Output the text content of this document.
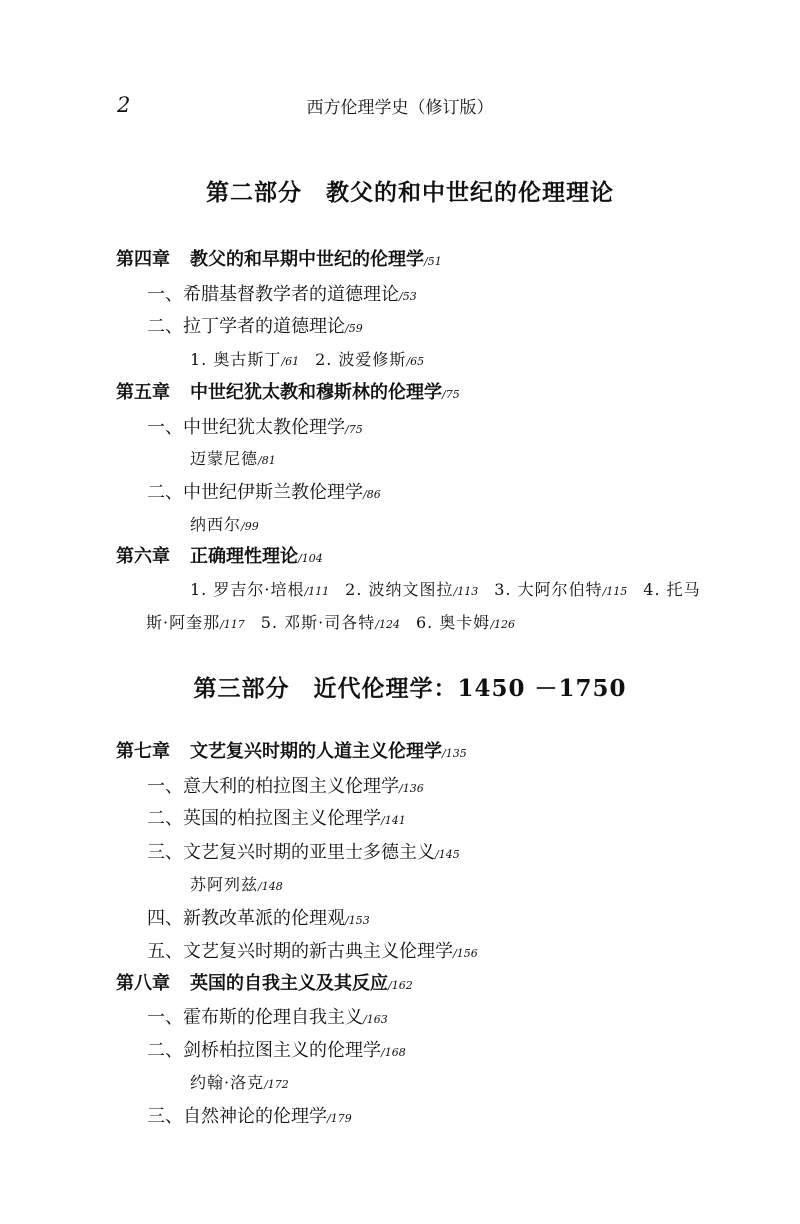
2	西方伦理学史（修订版）
第二部分　教父的和中世纪的伦理理论
第四章 教父的和早期中世纪的伦理学/51
一、希腊基督教学者的道德理论/53
二、拉丁学者的道德理论/59
1. 奥古斯丁/61 2. 波爱修斯/65
第五章 中世纪犹太教和穆斯林的伦理学/75
一、中世纪犹太教伦理学/75
迈蒙尼德/81
二、中世纪伊斯兰教伦理学/86
纳西尔/99
第六章 正确理性理论/104
1. 罗吉尔·培根/111 2. 波纳文图拉/113 3. 大阿尔伯特/115 4. 托马
斯·阿奎那/117 5. 邓斯·司各特/124 6. 奥卡姆/126
第三部分　近代伦理学：1450 －1750
第七章 文艺复兴时期的人道主义伦理学/135
一、意大利的柏拉图主义伦理学/136
二、英国的柏拉图主义伦理学/141
三、文艺复兴时期的亚里士多德主义/145
苏阿列兹/148
四、新教改革派的伦理观/153
五、文艺复兴时期的新古典主义伦理学/156
第八章 英国的自我主义及其反应/162
一、霍布斯的伦理自我主义/163
二、剑桥柏拉图主义的伦理学/168
约翰·洛克/172
三、自然神论的伦理学/179
